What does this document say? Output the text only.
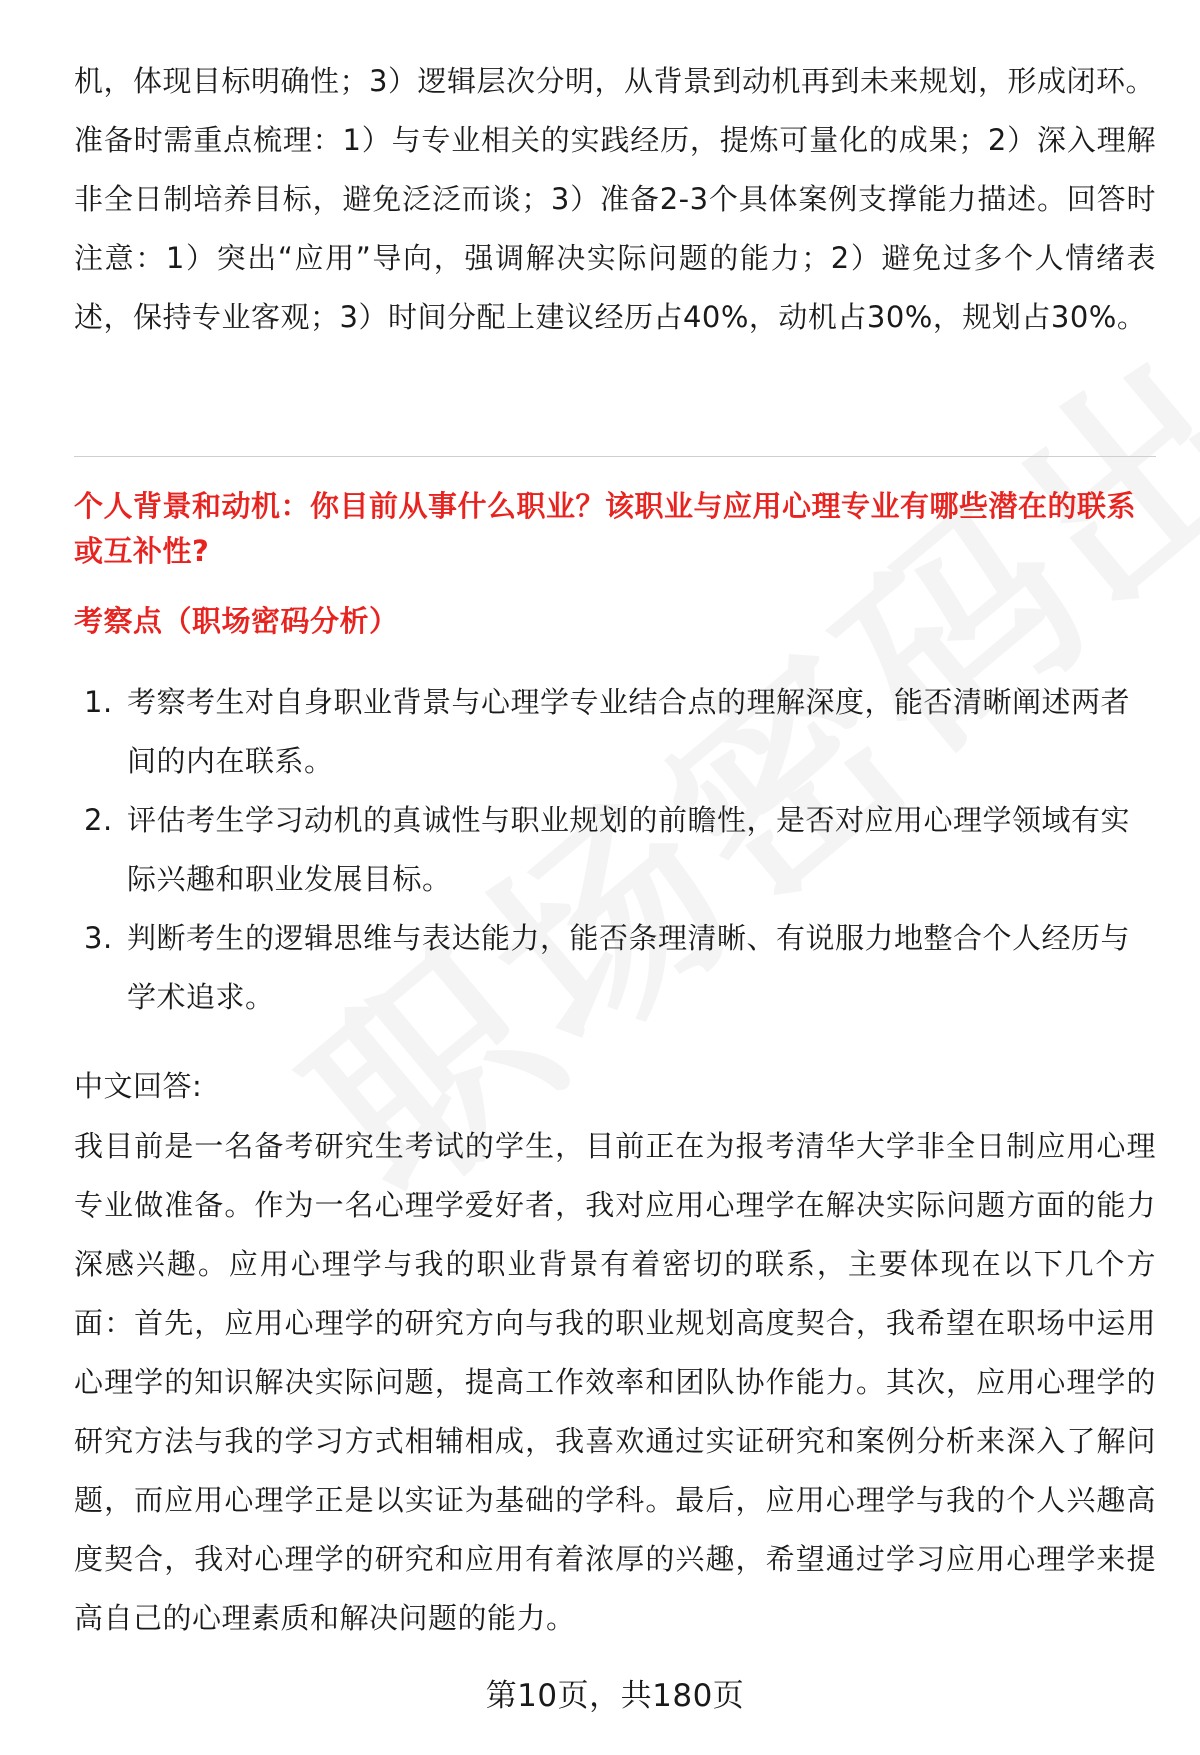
机，体现目标明确性；3）逻辑层次分明，从背景到动机再到未来规划，形成闭环。

准备时需重点梳理：1）与专业相关的实践经历，提炼可量化的成果；2）深入理解非全日制培养目标，避免泛泛而谈；3）准备2-3个具体案例支撑能力描述。回答时注意：1）突出“应用”导向，强调解决实际问题的能力；2）避免过多个人情绪表述，保持专业客观；3）时间分配上建议经历占40%，动机占30%，规划占30%。

个人背景和动机：你目前从事什么职业？该职业与应用心理专业有哪些潜在的联系或互补性?

考察点（职场密码分析）

1. 考察考生对自身职业背景与心理学专业结合点的理解深度，能否清晰阐述两者间的内在联系。
2. 评估考生学习动机的真诚性与职业规划的前瞻性，是否对应用心理学领域有实际兴趣和职业发展目标。
3. 判断考生的逻辑思维与表达能力，能否条理清晰、有说服力地整合个人经历与学术追求。

中文回答:

我目前是一名备考研究生考试的学生，目前正在为报考清华大学非全日制应用心理专业做准备。作为一名心理学爱好者，我对应用心理学在解决实际问题方面的能力深感兴趣。应用心理学与我的职业背景有着密切的联系，主要体现在以下几个方面：首先，应用心理学的研究方向与我的职业规划高度契合，我希望在职场中运用心理学的知识解决实际问题，提高工作效率和团队协作能力。其次，应用心理学的研究方法与我的学习方式相辅相成，我喜欢通过实证研究和案例分析来深入了解问题，而应用心理学正是以实证为基础的学科。最后，应用心理学与我的个人兴趣高度契合，我对心理学的研究和应用有着浓厚的兴趣，希望通过学习应用心理学来提高自己的心理素质和解决问题的能力。

第10页，共180页
